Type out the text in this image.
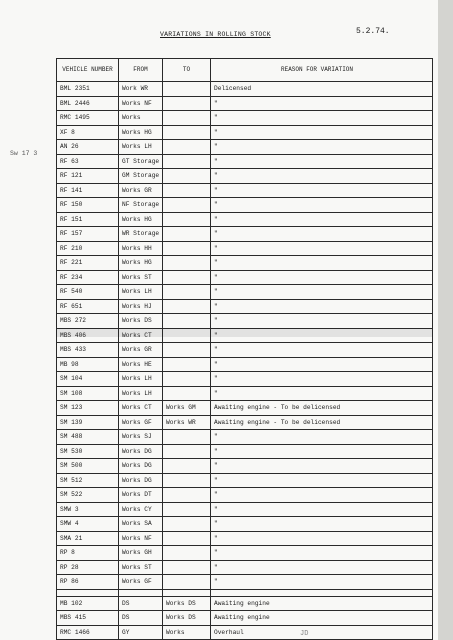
VARIATIONS IN ROLLING STOCK	5.2.74.
Sw 17 3
VEHICLE NUMBER	FROM	TO	REASON FOR VARIATION
BML 2351	Work WR		Delicensed
BML 2446	Works NF		"
RMC 1495	Works		"
XF 8	Works HG		"
AN 26	Works LH		"
RF 63	GT Storage		"
RF 121	GM Storage		"
RF 141	Works GR		"
RF 150	NF Storage		"
RF 151	Works HG		"
RF 157	WR Storage		"
RF 210	Works HH		"
RF 221	Works HG		"
RF 234	Works ST		"
RF 540	Works LH		"
RF 651	Works HJ		"
MBS 272	Works DS		"
MBS 406	Works CT		"
MBS 433	Works GR		"
MB 98	Works HE		"
SM 104	Works LH		"
SM 108	Works LH		"
SM 123	Works CT	Works GM	Awaiting engine - To be delicensed
SM 139	Works GF	Works WR	Awaiting engine - To be delicensed
SM 488	Works SJ		"
SM 530	Works DG		"
SM 500	Works DG		"
SM 512	Works DG		"
SM 522	Works DT		"
SMW 3	Works CY		"
SMW 4	Works SA		"
SMA 21	Works NF		"
RP 8	Works GH		"
RP 28	Works ST		"
RP 86	Works GF		"

MB 102	DS	Works DS	Awaiting engine
MBS 415	DS	Works DS	Awaiting engine
RMC 1466	GY	Works	Overhaul	JD
